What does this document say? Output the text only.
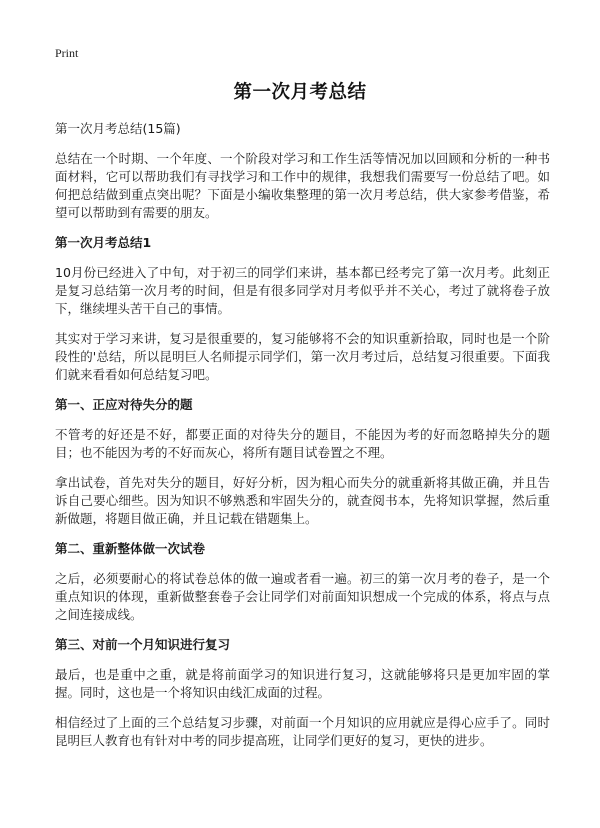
Print
第一次月考总结
第一次月考总结(15篇)

总结在一个时期、一个年度、一个阶段对学习和工作生活等情况加以回顾和分析的一种书面材料，它可以帮助我们有寻找学习和工作中的规律，我想我们需要写一份总结了吧。如何把总结做到重点突出呢？下面是小编收集整理的第一次月考总结，供大家参考借鉴，希望可以帮助到有需要的朋友。

第一次月考总结1

10月份已经进入了中旬，对于初三的同学们来讲，基本都已经考完了第一次月考。此刻正是复习总结第一次月考的时间，但是有很多同学对月考似乎并不关心，考过了就将卷子放下，继续埋头苦干自己的事情。

其实对于学习来讲，复习是很重要的，复习能够将不会的知识重新拾取，同时也是一个阶段性的'总结，所以昆明巨人名师提示同学们，第一次月考过后，总结复习很重要。下面我们就来看看如何总结复习吧。

第一、正应对待失分的题

不管考的好还是不好，都要正面的对待失分的题目，不能因为考的好而忽略掉失分的题目；也不能因为考的不好而灰心，将所有题目试卷置之不理。

拿出试卷，首先对失分的题目，好好分析，因为粗心而失分的就重新将其做正确，并且告诉自己要心细些。因为知识不够熟悉和牢固失分的，就查阅书本，先将知识掌握，然后重新做题，将题目做正确，并且记载在错题集上。

第二、重新整体做一次试卷

之后，必须要耐心的将试卷总体的做一遍或者看一遍。初三的第一次月考的卷子，是一个重点知识的体现，重新做整套卷子会让同学们对前面知识想成一个完成的体系，将点与点之间连接成线。

第三、对前一个月知识进行复习

最后，也是重中之重，就是将前面学习的知识进行复习，这就能够将只是更加牢固的掌握。同时，这也是一个将知识由线汇成面的过程。

相信经过了上面的三个总结复习步骤，对前面一个月知识的应用就应是得心应手了。同时昆明巨人教育也有针对中考的同步提高班，让同学们更好的复习，更快的进步。
